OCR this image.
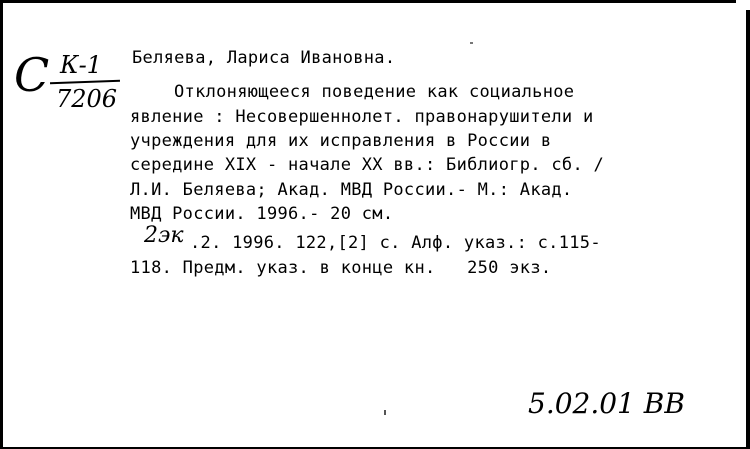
С К-1
7206
Беляева, Лариса Ивановна.
Отклоняющееся поведение как социальное
явление : Несовершеннолет. правонарушители и
учреждения для их исправления в России в
середине XIX - начале XX вв.: Библиогр. сб. /
Л.И. Беляева; Акад. МВД России.- М.: Акад.
МВД России. 1996.- 20 см.
2эк .2. 1996. 122,[2] с. Алф. указ.: с.115-
118. Предм. указ. в конце кн.   250 экз.
5.02.01 ВВ
